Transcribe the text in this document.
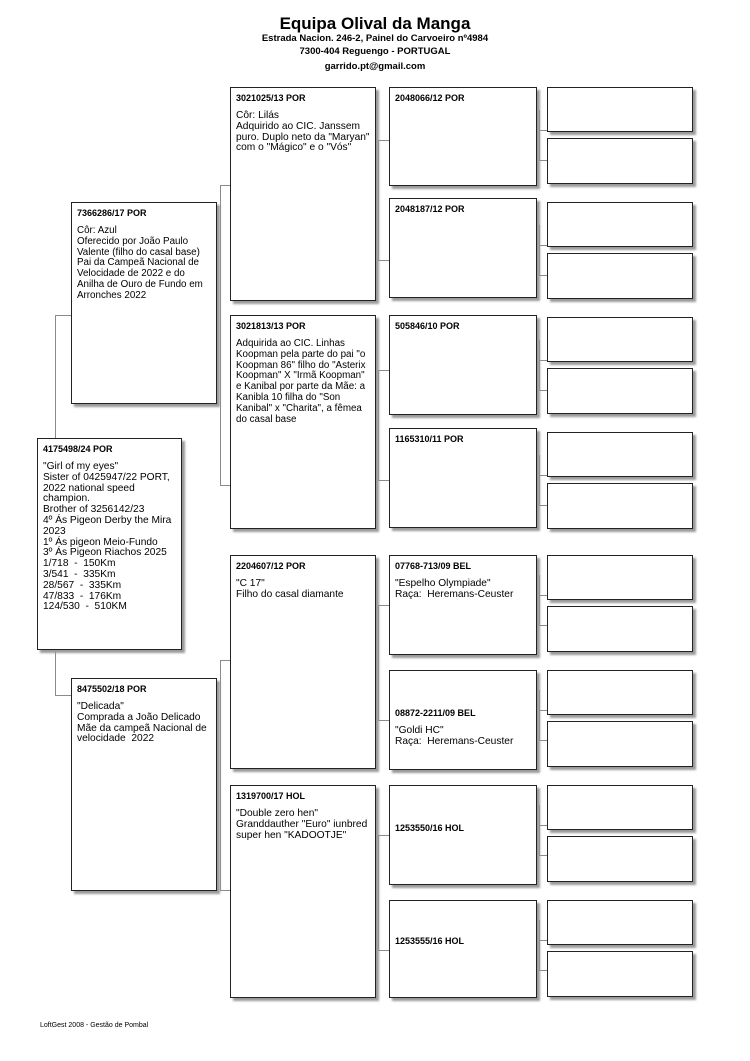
Equipa Olival da Manga
Estrada Nacion. 246-2, Painel do Carvoeiro nº4984
7300-404 Reguengo - PORTUGAL
garrido.pt@gmail.com
4175498/24 POR
"Girl of my eyes"
Sister of 0425947/22 PORT, 2022 national speed champion.
Brother of 3256142/23
4º Ás Pigeon Derby the Mira 2023
1º Ás pigeon Meio-Fundo
3º Ás Pigeon Riachos 2025
1/718  -  150Km
3/541  -  335Km
28/567  -  335Km
47/833  -  176Km
124/530  -  510KM
7366286/17 POR
Côr: Azul
Oferecido por João Paulo Valente (filho do casal base) Pai da Campeã Nacional de Velocidade de 2022 e do Anilha de Ouro de Fundo em Arronches 2022
8475502/18 POR
"Delicada"
Comprada a João Delicado Mãe da campeã Nacional de velocidade  2022
3021025/13 POR
Côr: Lilás
Adquirido ao CIC. Janssem puro. Duplo neto da "Maryan" com o "Mágico" e o "Vós"
3021813/13 POR
Adquirida ao CIC. Linhas Koopman pela parte do pai "o Koopman 86" filho do "Asterix Koopman" X "Irmã Koopman" e Kanibal por parte da Mãe: a Kanibla 10 filha do "Son Kanibal" x "Charita", a fêmea do casal base
2204607/12 POR
"C 17"
Filho do casal diamante
1319700/17 HOL
"Double zero hen"
Granddauther "Euro" iunbred super hen "KADOOTJE"
2048066/12 POR
2048187/12 POR
505846/10 POR
1165310/11 POR
07768-713/09 BEL
"Espelho Olympiade"
Raça:  Heremans-Ceuster
08872-2211/09 BEL
"Goldi HC"
Raça:  Heremans-Ceuster
1253550/16 HOL
1253555/16 HOL
LoftGest 2008 - Gestão de Pombal
